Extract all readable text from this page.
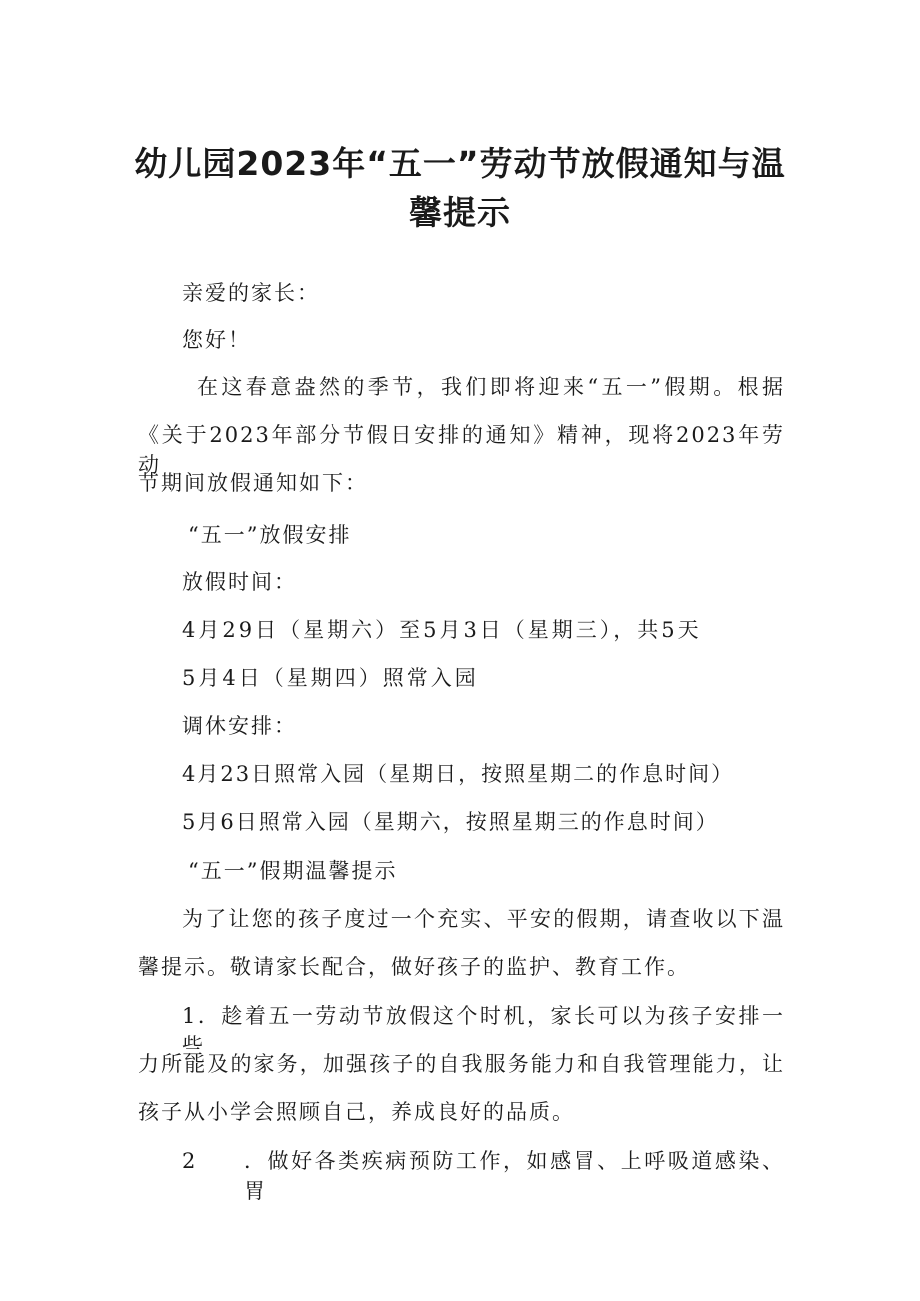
幼儿园2023年“五一”劳动节放假通知与温
馨提示
亲爱的家长：
您好！
在这春意盎然的季节，我们即将迎来“五一”假期。根据
《关于2023年部分节假日安排的通知》精神，现将2023年劳动
节期间放假通知如下：
“五一”放假安排
放假时间：
4月29日（星期六）至5月3日（星期三），共5天
5月4日（星期四）照常入园
调休安排：
4月23日照常入园（星期日，按照星期二的作息时间）
5月6日照常入园（星期六，按照星期三的作息时间）
“五一”假期温馨提示
为了让您的孩子度过一个充实、平安的假期，请查收以下温
馨提示。敬请家长配合，做好孩子的监护、教育工作。
1．趁着五一劳动节放假这个时机，家长可以为孩子安排一些
力所能及的家务，加强孩子的自我服务能力和自我管理能力，让
孩子从小学会照顾自己，养成良好的品质。
2 ．做好各类疾病预防工作，如感冒、上呼吸道感染、胃
